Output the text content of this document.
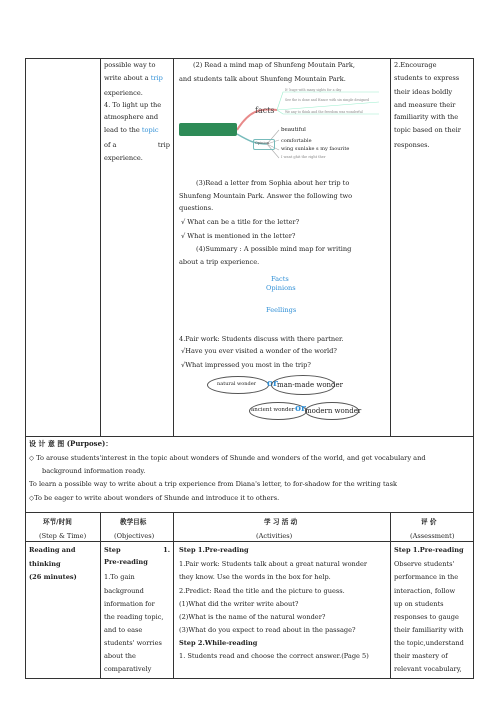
possible way to
write about a trip
experience.
4. To light up the
atmosphere and
lead to the topic
of a	trip
experience.
(2) Read a mind map of Shunfeng Moutain Park,
and students talk about Shunfeng Mountain Park.
Opinion
facts
It' huge with many sights for a day
See the is done and Hance with six simple designed
We any to think and the freedom was wonderful
beautiful
comfortable
wing sunlake s my faourite
I want ghit the right ther
(3)Read a letter from Sophia about her trip to
Shunfeng Mountain Park. Answer the following two
questions.
√ What can be a title for the letter?
√ What is mentioned in the letter?
(4)Summary : A possible mind map for writing
about a trip experience.
Facts
Opinions
Feellings
4.Pair work: Students discuss with there partner.
√Have you ever visited a wonder of the world?
√What impressed you most in the trip?
natural wonder or man-made wonder
ancient wonder or modern wonder
2.Encourage
students to express
their ideas boldly
and measure their
familiarity with the
topic based on their
responses.
设 计 意 图 (Purpose)：
◇ To arouse students'interest in the topic about wonders of Shunde and wonders of the world, and get vocabulary and
background information ready.
To learn a possible way to write about a trip experience from Diana's letter, to for-shadow for the writing task
◇To be eager to write about wonders of Shunde and introduce it to others.
环节/时间
(Step & Time)
教学目标
(Objectives)
学 习 活 动
(Activities)
评 价
(Assessment)
Reading and
thinking
(26 minutes)
Step	1.
Pre-reading
1.To gain
background
information for
the reading topic,
and to ease
students' worries
about the
comparatively
Step 1.Pre-reading
1.Pair work: Students talk about a great natural wonder
they know. Use the words in the box for help.
2.Predict: Read the title and the picture to guess.
(1)What did the writer write about?
(2)What is the name of the natural wonder?
(3)What do you expect to read about in the passage?
Step 2.While-reading
1. Students read and choose the correct answer.(Page 5)
Step 1.Pre-reading
Observe students'
performance in the
interaction, follow
up on students
responses to gauge
their familiarity with
the topic,understand
their mastery of
relevant vocabulary,
